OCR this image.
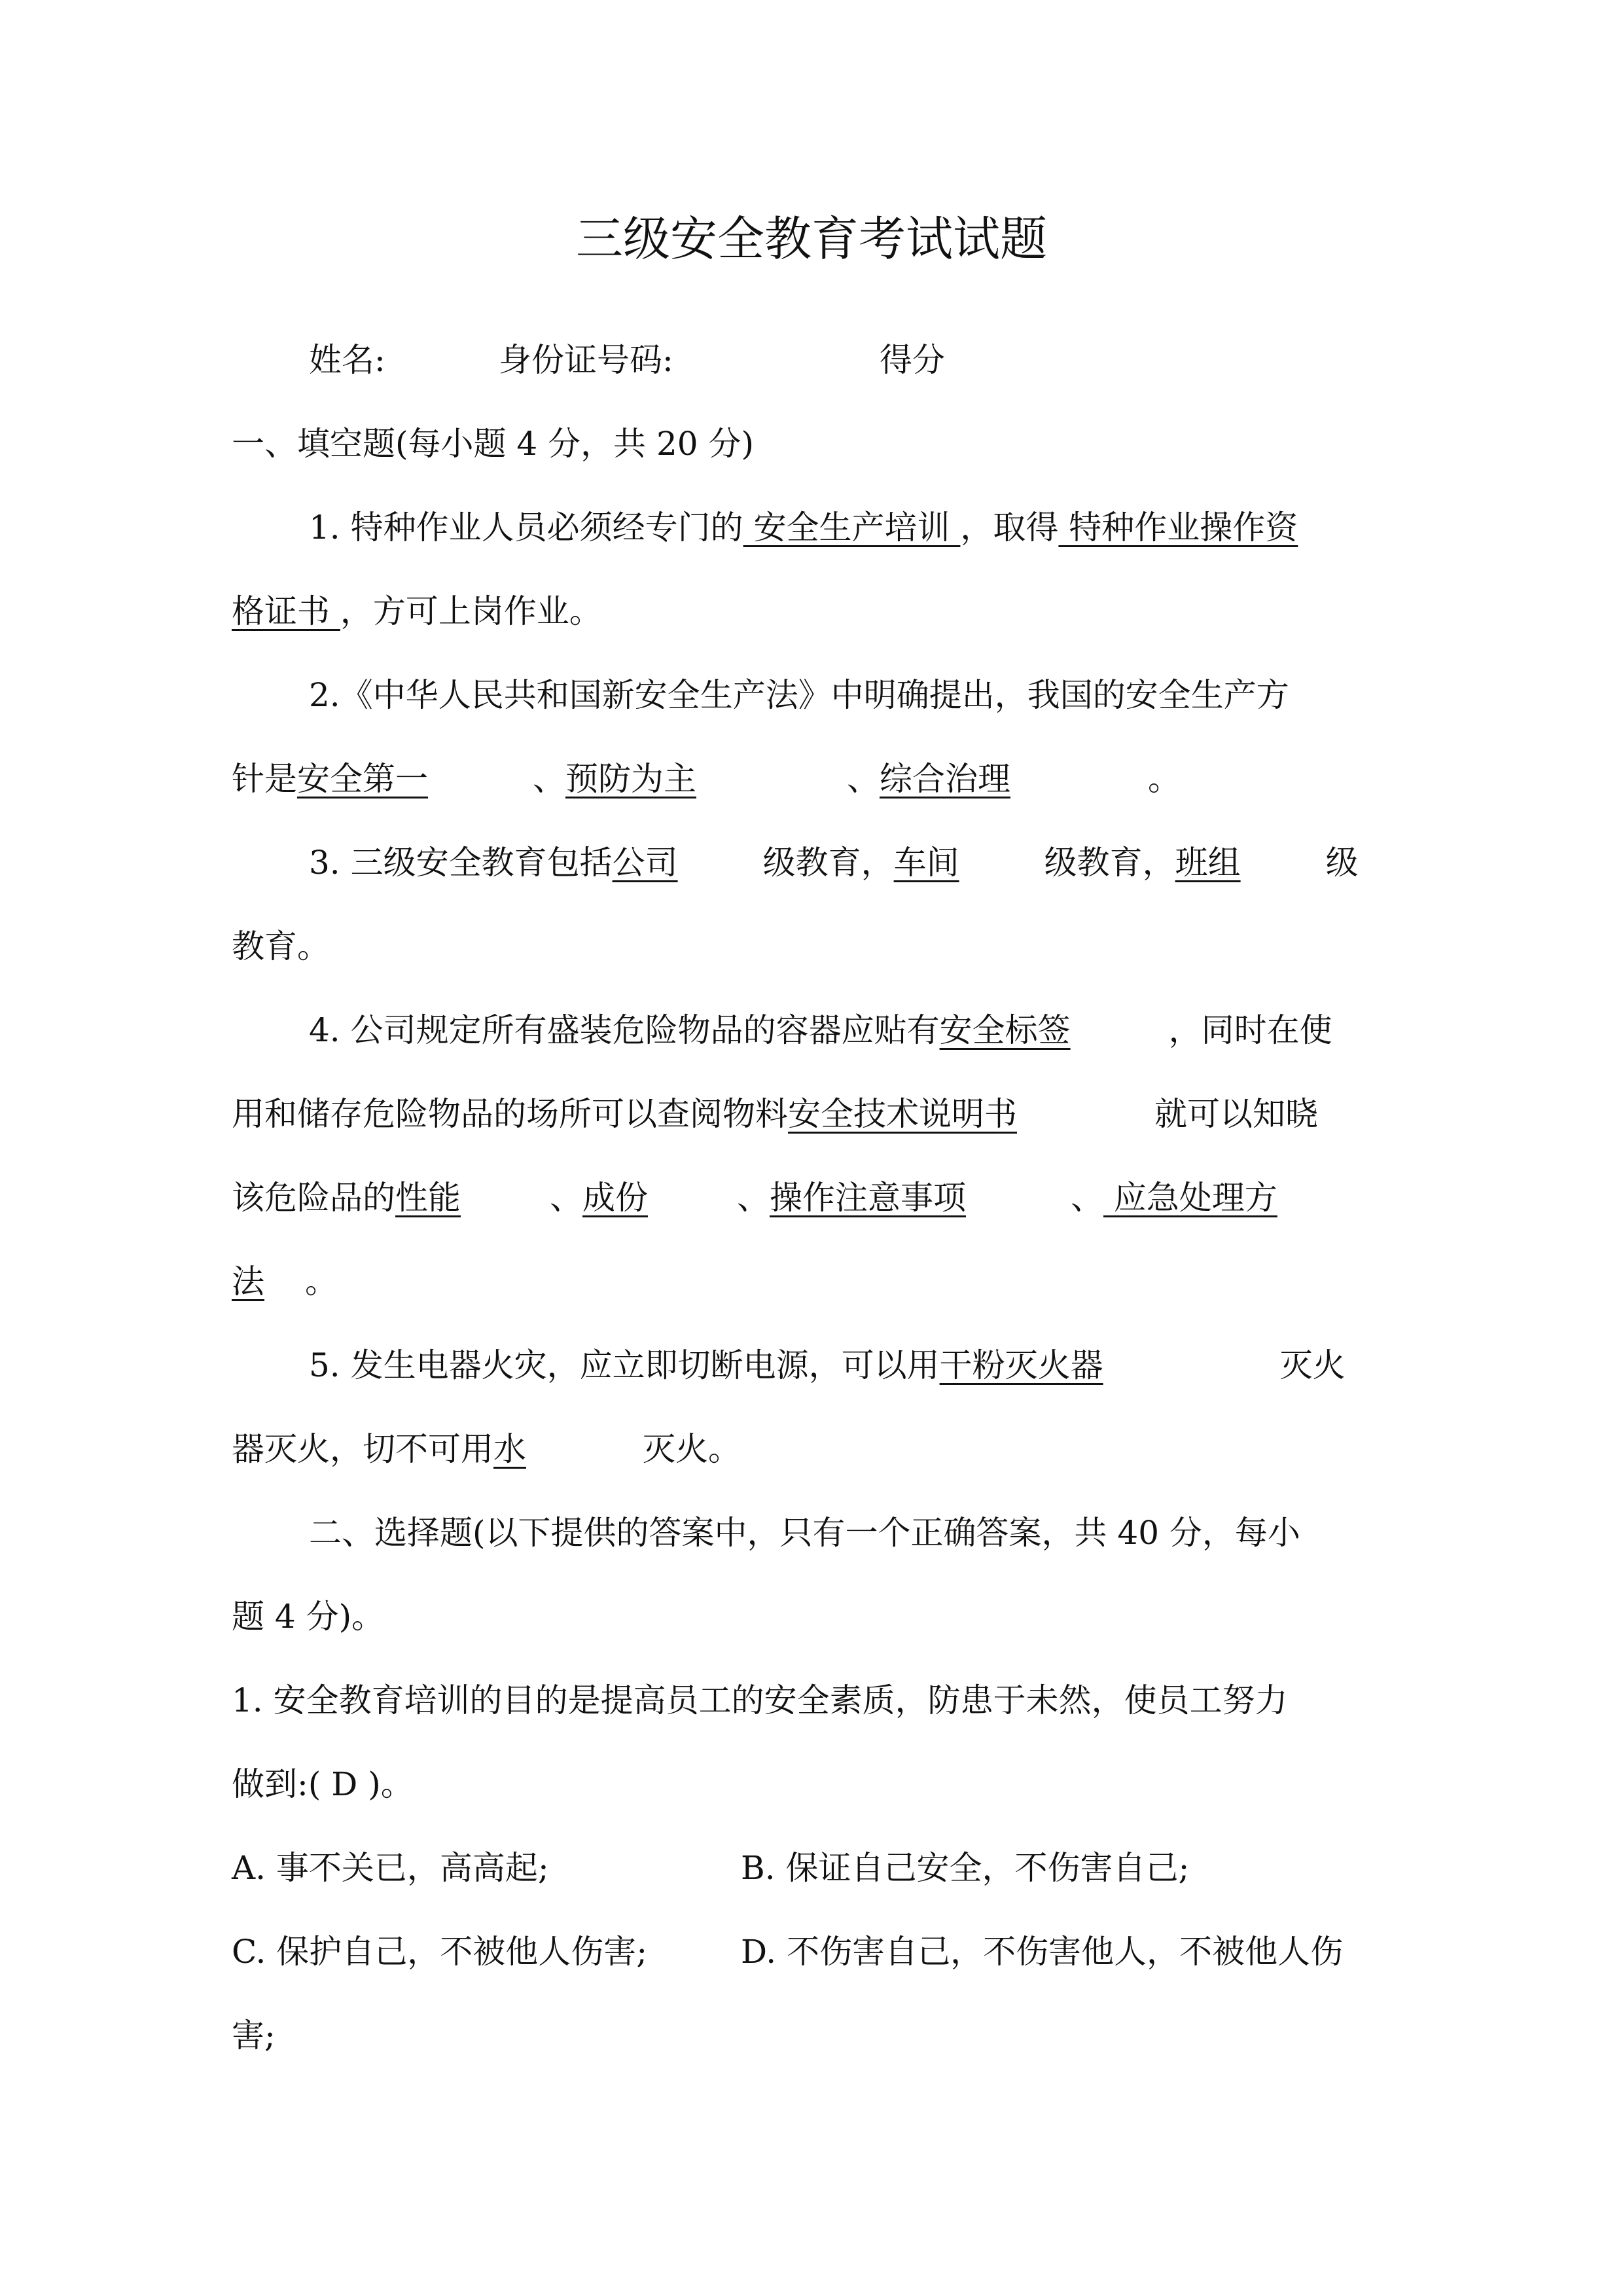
三级安全教育考试试题
姓名:	身份证号码:	得分
一、填空题(每小题 4 分，共 20 分)
1. 特种作业人员必须经专门的 安全生产培训 ，取得 特种作业操作资
格证书 ，方可上岗作业。
2.《中华人民共和国新安全生产法》中明确提出，我国的安全生产方
针是安全第一	、预防为主	、综合治理	。
3. 三级安全教育包括公司	级教育，车间	级教育，班组	级
教育。
4. 公司规定所有盛装危险物品的容器应贴有安全标签	，同时在使
用和储存危险物品的场所可以查阅物料安全技术说明书	就可以知晓
该危险品的性能	、成份	、操作注意事项	、 应急处理方
法。
5. 发生电器火灾，应立即切断电源，可以用干粉灭火器	灭火
器灭火，切不可用水	灭火。
二、选择题(以下提供的答案中，只有一个正确答案，共 40 分，每小
题 4 分)。
1. 安全教育培训的目的是提高员工的安全素质，防患于未然，使员工努力
做到:( D )。
A. 事不关已，高高起;	B. 保证自己安全，不伤害自己;
C. 保护自己，不被他人伤害;	D. 不伤害自己，不伤害他人，不被他人伤
害;
